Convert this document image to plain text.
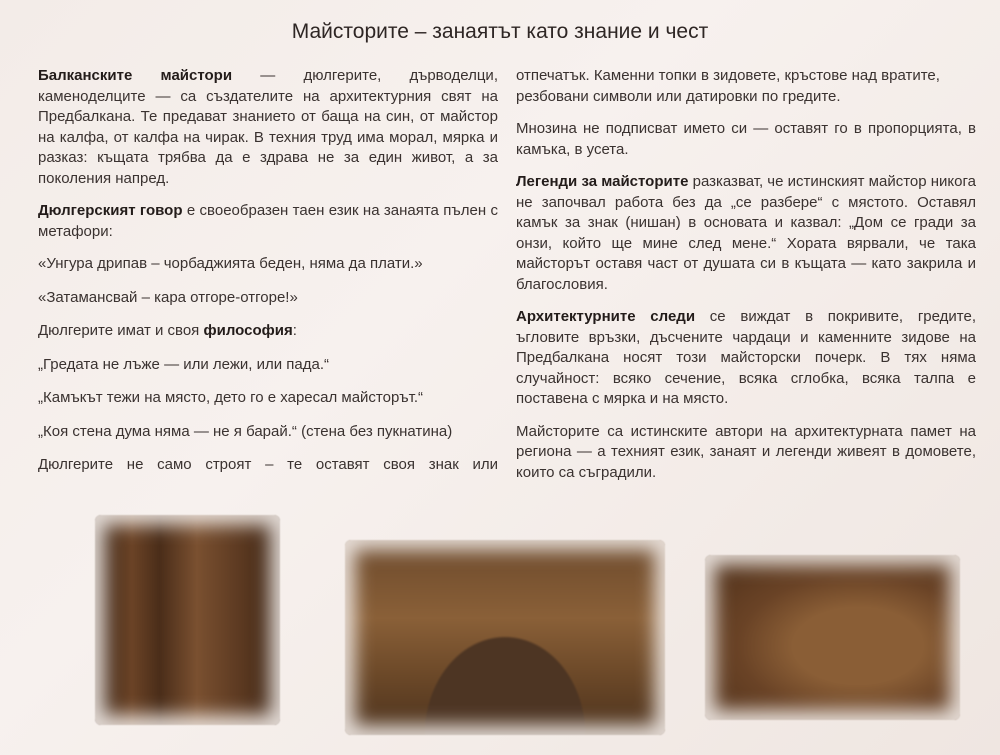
Майсторите – занаятът като знание и чест

Балканските майстори — дюлгерите, дърводелци, каменоделците — са създателите на архитектурния свят на Предбалкана. Те предават знанието от баща на син, от майстор на калфа, от калфа на чирак. В техния труд има морал, мярка и разказ: къщата трябва да е здрава не за един живот, а за поколения напред.

Дюлгерският говор е своеобразен таен език на занаята пълен с метафори:

«Унгура дрипав – чорбаджията беден, няма да плати.»

«Затамансвай – кара отгоре-отгоре!»

Дюлгерите имат и своя философия:

„Гредата не лъже — или лежи, или пада.“

„Камъкът тежи на място, дето го е харесал майсторът.“

„Коя стена дума няма — не я барай.“ (стена без пукнатина)

Дюлгерите не само строят – те оставят своя знак или

отпечатък. Каменни топки в зидовете, кръстове над вратите, резбовани символи или датировки по гредите.

Мнозина не подписват името си — оставят го в пропорцията, в камъка, в усета.

Легенди за майсторите разказват, че истинският майстор никога не започвал работа без да „се разбере“ с мястото. Оставял камък за знак (нишан) в основата и казвал: „Дом се гради за онзи, който ще мине след мене.“ Хората вярвали, че така майсторът оставя част от душата си в къщата — като закрила и благословия.

Архитектурните следи се виждат в покривите, гредите, ъгловите връзки, дъсчените чардаци и каменните зидове на Предбалкана носят този майсторски почерк. В тях няма случайност: всяко сечение, всяка сглобка, всяка талпа е поставена с мярка и на място.

Майсторите са истинските автори на архитектурната памет на региона — а техният език, занаят и легенди живеят в домовете, които са съградили.
